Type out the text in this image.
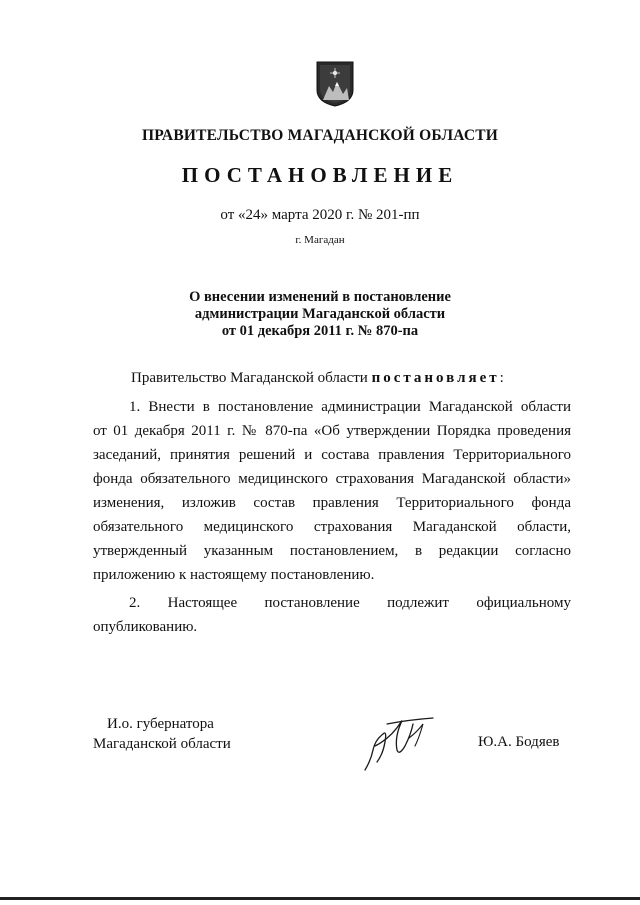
ПРАВИТЕЛЬСТВО МАГАДАНСКОЙ ОБЛАСТИ
ПОСТАНОВЛЕНИЕ
от «24» марта 2020 г. № 201-пп
г. Магадан
О внесении изменений в постановление
администрации Магаданской области
от 01 декабря 2011 г. № 870-па
Правительство Магаданской области постановляет:
1. Внести в постановление администрации Магаданской области
от 01 декабря 2011 г. № 870-па «Об утверждении Порядка проведения
заседаний, принятия решений и состава правления Территориального
фонда обязательного медицинского страхования Магаданской области»
изменения, изложив состав правления Территориального фонда
обязательного медицинского страхования Магаданской области,
утвержденный указанным постановлением, в редакции согласно
приложению к настоящему постановлению.
2. Настоящее постановление подлежит официальному
опубликованию.
И.о. губернатора
Магаданской области	Ю.А. Бодяев
